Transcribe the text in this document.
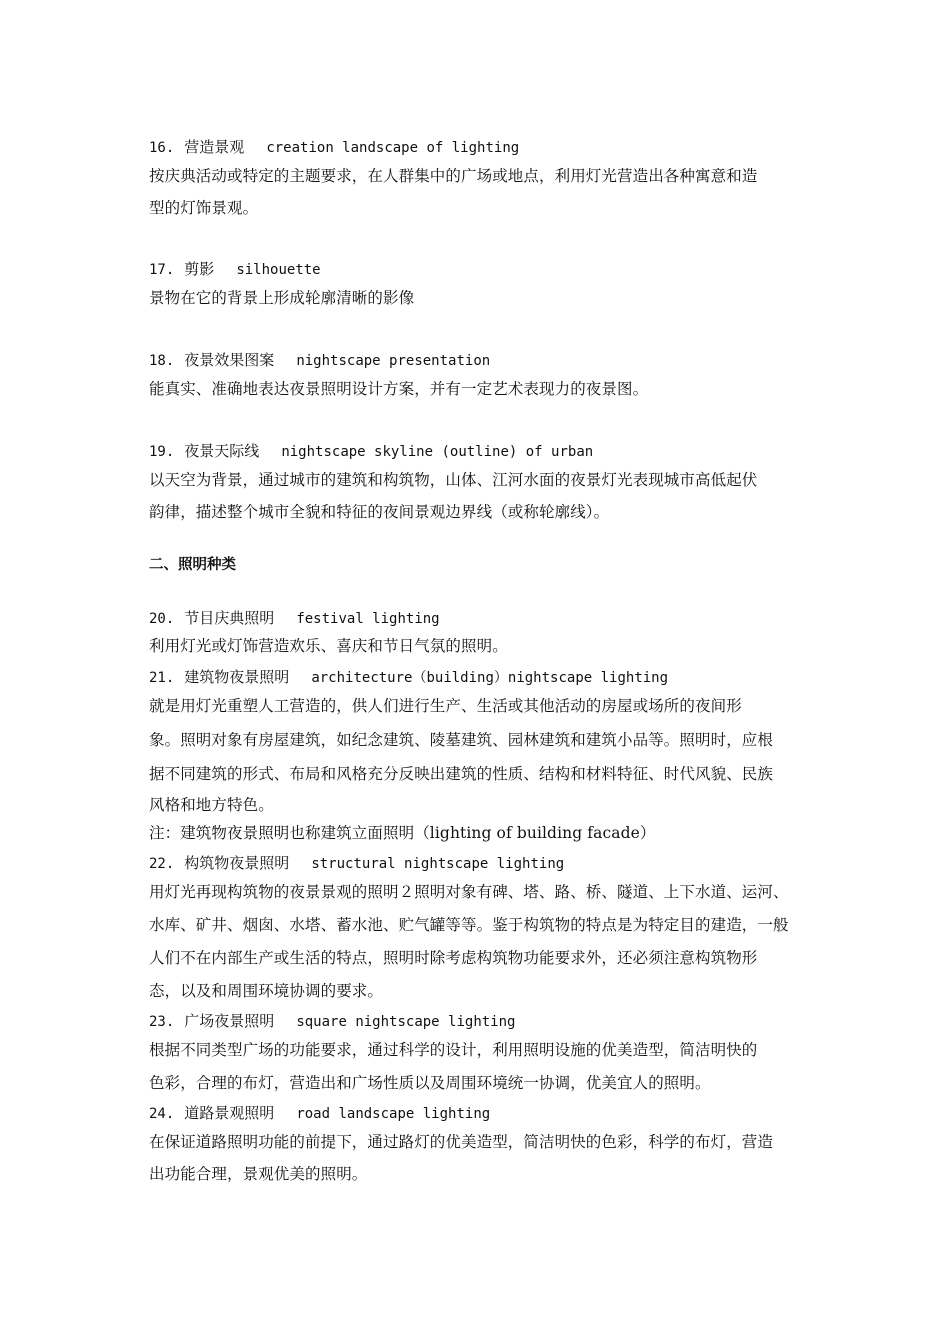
16. 营造景观 creation landscape of lighting
按庆典活动或特定的主题要求，在人群集中的广场或地点，利用灯光营造出各种寓意和造
型的灯饰景观。
17. 剪影 silhouette
景物在它的背景上形成轮廓清晰的影像
18. 夜景效果图案 nightscape presentation
能真实、准确地表达夜景照明设计方案，并有一定艺术表现力的夜景图。
19. 夜景天际线 nightscape skyline (outline) of urban
以天空为背景，通过城市的建筑和构筑物，山体、江河水面的夜景灯光表现城市高低起伏
韵律，描述整个城市全貌和特征的夜间景观边界线（或称轮廓线）。
二、照明种类
20. 节目庆典照明 festival lighting
利用灯光或灯饰营造欢乐、喜庆和节日气氛的照明。
21. 建筑物夜景照明 architecture（building）nightscape lighting
就是用灯光重塑人工营造的，供人们进行生产、生活或其他活动的房屋或场所的夜间形
象。照明对象有房屋建筑，如纪念建筑、陵墓建筑、园林建筑和建筑小品等。照明时，应根
据不同建筑的形式、布局和风格充分反映出建筑的性质、结构和材料特征、时代风貌、民族
风格和地方特色。
注：建筑物夜景照明也称建筑立面照明（lighting of building facade）
22. 构筑物夜景照明 structural nightscape lighting
用灯光再现构筑物的夜景景观的照明２照明对象有碑、塔、路、桥、隧道、上下水道、运河、
水库、矿井、烟囱、水塔、蓄水池、贮气罐等等。鉴于构筑物的特点是为特定目的建造，一般
人们不在内部生产或生活的特点，照明时除考虑构筑物功能要求外，还必须注意构筑物形
态，以及和周围环境协调的要求。
23. 广场夜景照明 square nightscape lighting
根据不同类型广场的功能要求，通过科学的设计，利用照明设施的优美造型，简洁明快的
色彩，合理的布灯，营造出和广场性质以及周围环境统一协调，优美宜人的照明。
24. 道路景观照明 road landscape lighting
在保证道路照明功能的前提下，通过路灯的优美造型，简洁明快的色彩，科学的布灯，营造
出功能合理，景观优美的照明。
